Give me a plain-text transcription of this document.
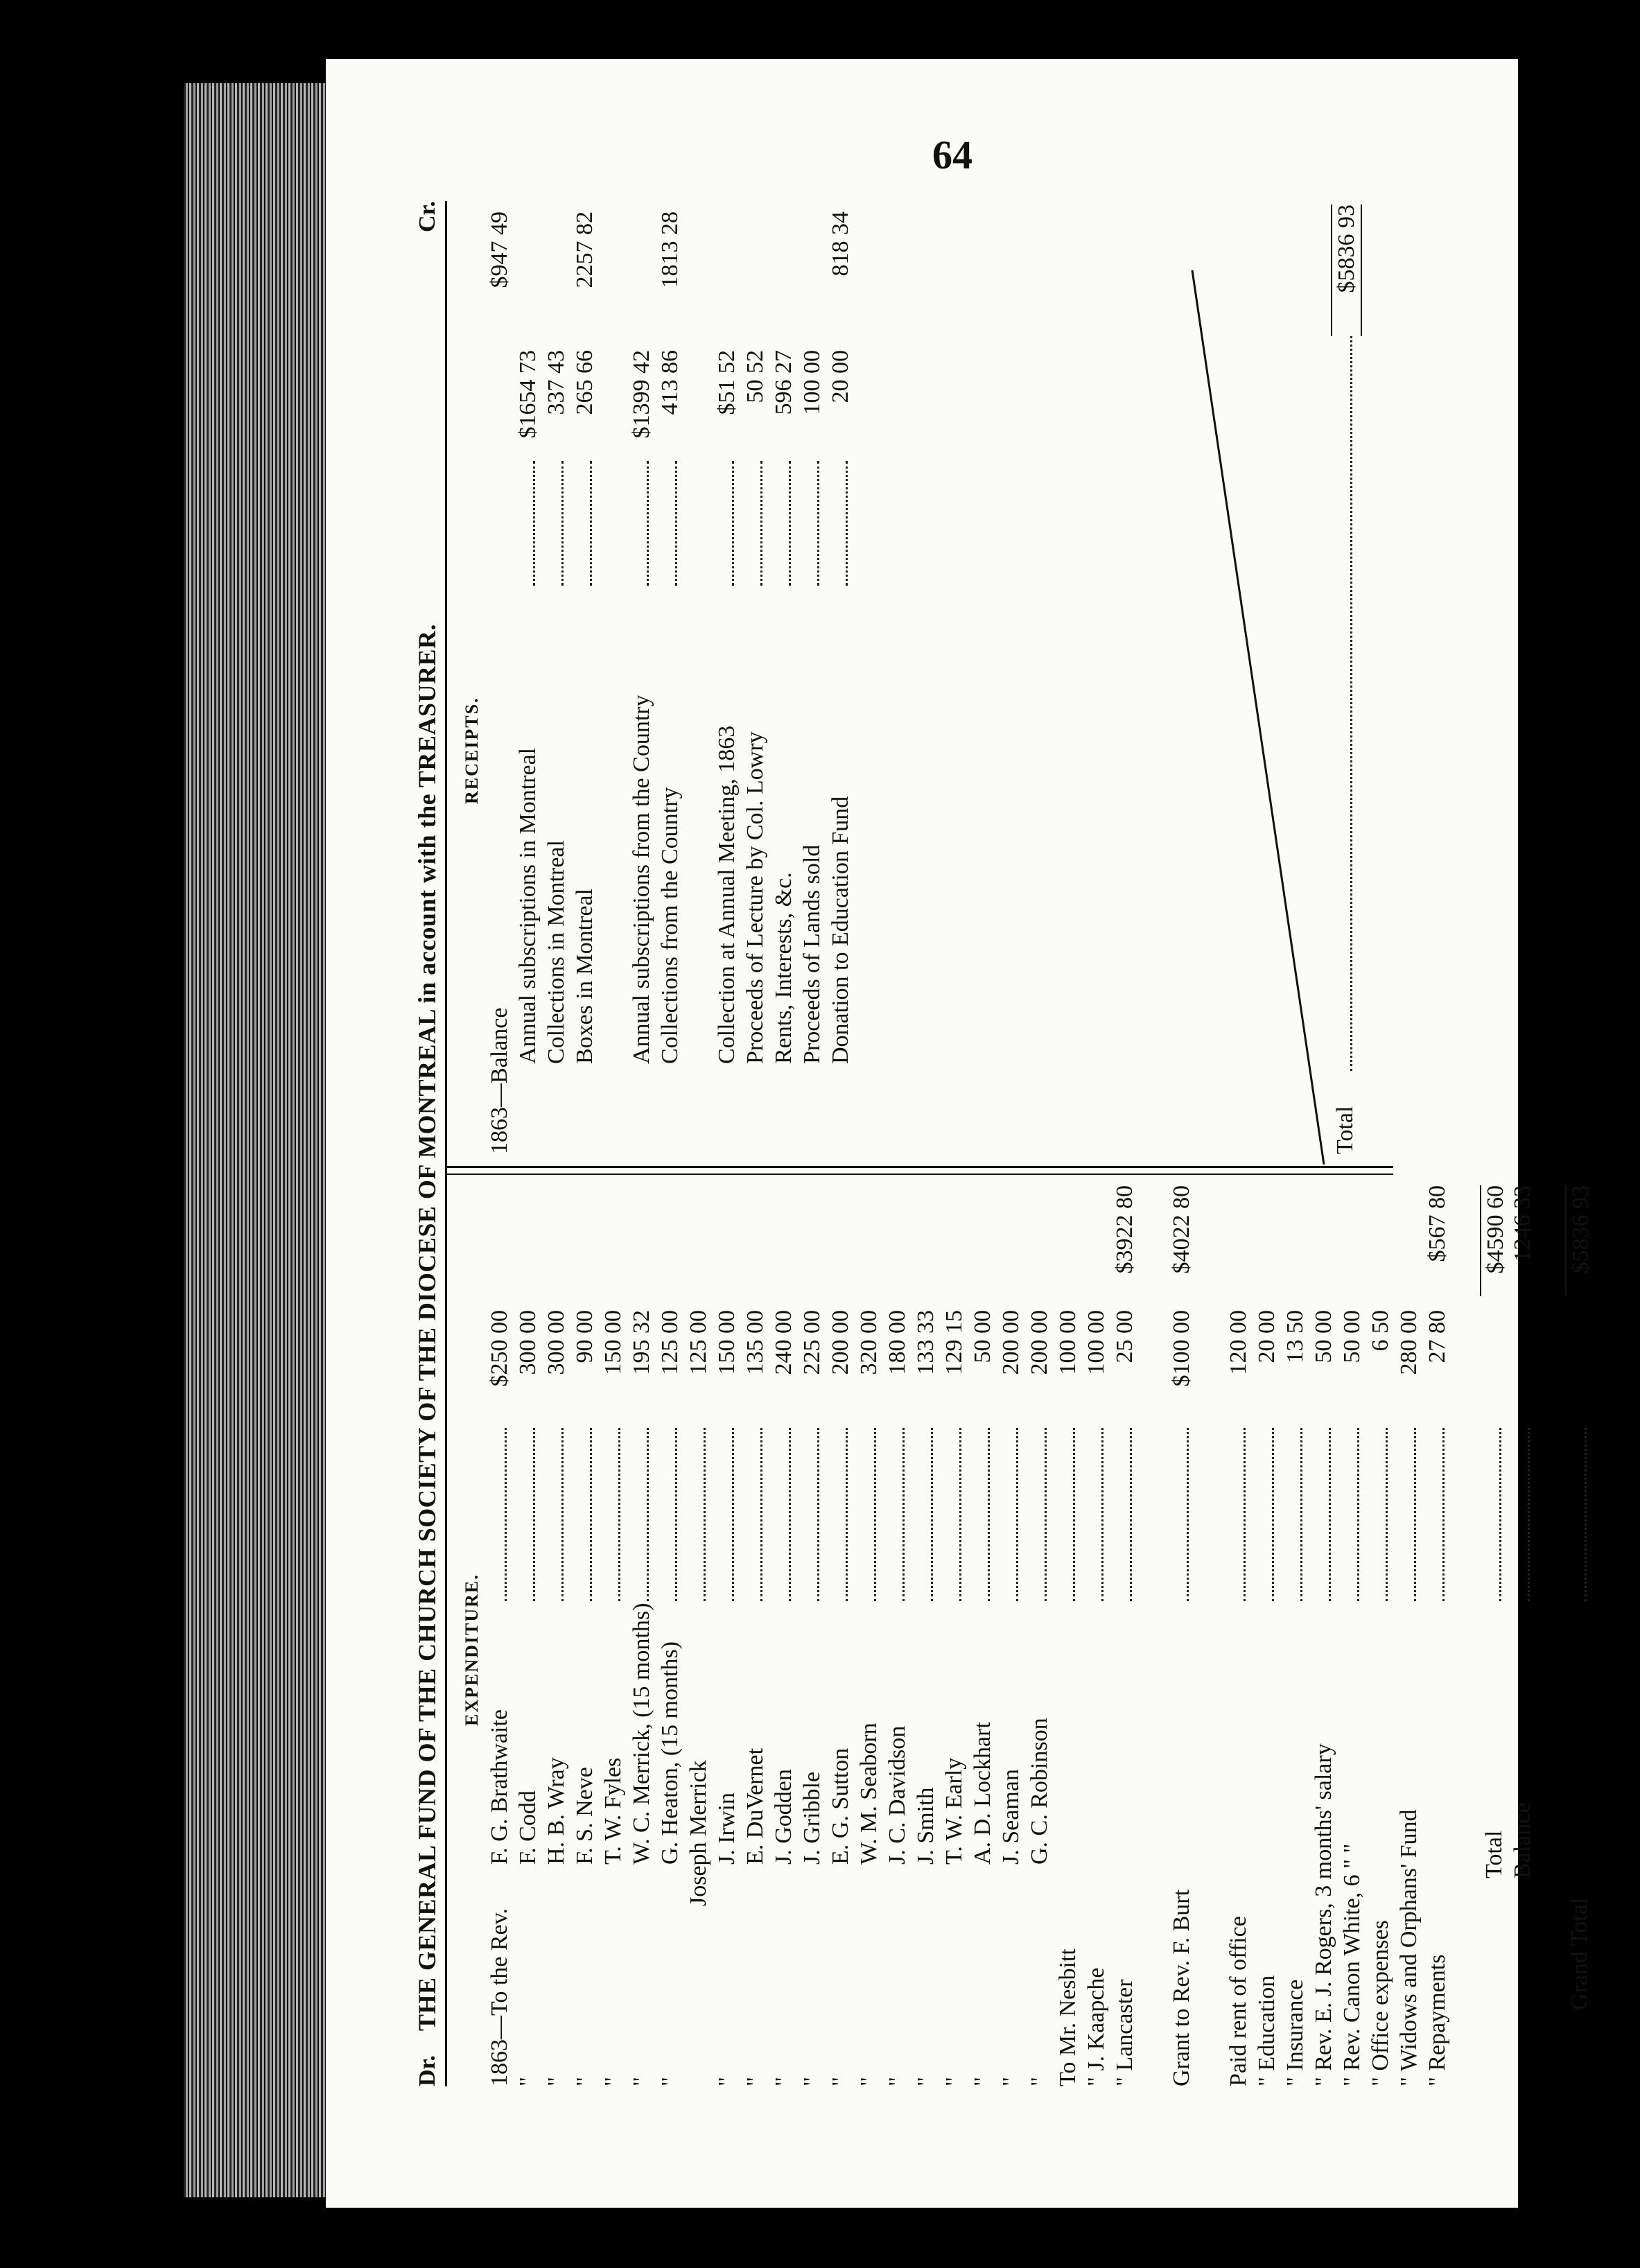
64
Dr.
THE GENERAL FUND OF THE CHURCH SOCIETY OF THE DIOCESE OF MONTREAL in account with the TREASURER.
Cr.
EXPENDITURE.
RECEIPTS.
1863—To the Rev.
F. G. Brathwaite
$250 00
"
F. Codd
300 00
"
H. B. Wray
300 00
"
F. S. Neve
90 00
"
T. W. Fyles
150 00
"
W. C. Merrick, (15 months)
195 32
"
G. Heaton, (15 months)
125 00
Joseph Merrick
125 00
"
J. Irwin
150 00
"
E. DuVernet
135 00
"
J. Godden
240 00
"
J. Gribble
225 00
"
E. G. Sutton
200 00
"
W. M. Seaborn
320 00
"
J. C. Davidson
180 00
"
J. Smith
133 33
"
T. W. Early
129 15
"
A. D. Lockhart
50 00
"
J. Seaman
200 00
"
G. C. Robinson
200 00
To Mr. Nesbitt
100 00
" J. Kaapche
100 00
" Lancaster
25 00
$3922 80
Grant to Rev. F. Burt
$100 00
$4022 80
Paid rent of office
120 00
" Education
20 00
" Insurance
13 50
" Rev. E. J. Rogers, 3 months' salary
50 00
" Rev. Canon White, 6 " "
50 00
" Office expenses
6 50
" Widows and Orphans' Fund
280 00
" Repayments
27 80
$567 80
Total
$4590 60
Balance
1246 33
Grand Total
$5836 93
1863—Balance
$947 49
Annual subscriptions in Montreal
$1654 73
Collections in Montreal
337 43
Boxes in Montreal
265 66
2257 82
Annual subscriptions from the Country
$1399 42
Collections from the Country
413 86
1813 28
Collection at Annual Meeting, 1863
$51 52
Proceeds of Lecture by Col. Lowry
50 52
Rents, Interests, &c.
596 27
Proceeds of Lands sold
100 00
Donation to Education Fund
20 00
818 34
Total
$5836 93
